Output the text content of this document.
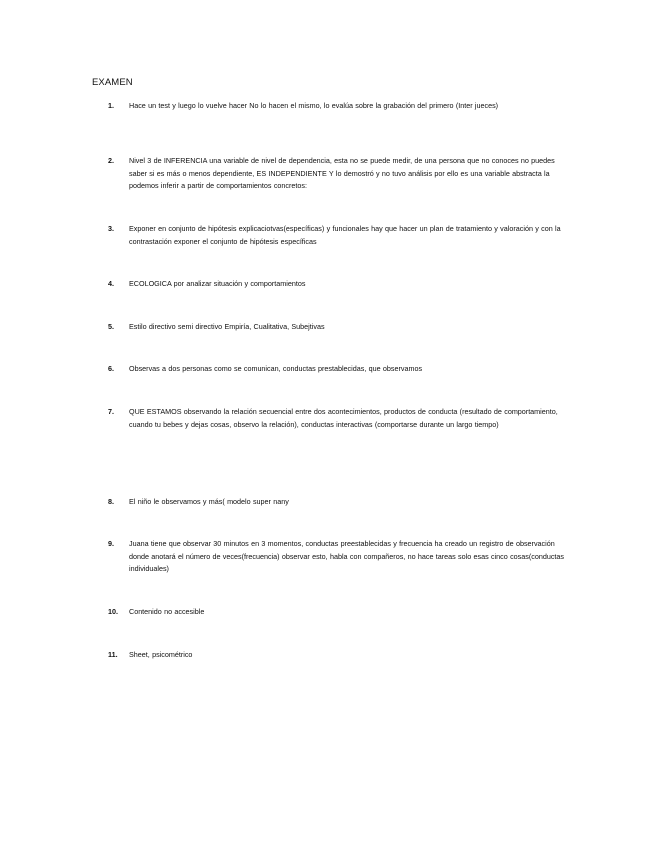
EXAMEN
1.	Hace un test y luego lo vuelve hacer No lo hacen el mismo, lo evalúa sobre la grabación del primero (Inter jueces)
2.	Nivel 3 de INFERENCIA una variable de nivel de dependencia, esta no se puede medir, de una persona que no conoces no puedes saber si es más o menos dependiente, ES INDEPENDIENTE Y lo demostró y no tuvo análisis por ello es una variable abstracta la podemos inferir a partir de comportamientos concretos:
3.	Exponer en conjunto de hipótesis explicaciotvas(específicas) y funcionales hay que hacer un plan de tratamiento y valoración y con la contrastación exponer el conjunto de hipótesis específicas
4.	ECOLOGICA por analizar situación y comportamientos
5.	Estilo directivo semi directivo Empiría, Cualitativa, Subejtivas
6.	Observas a dos personas como se comunican, conductas prestablecidas, que observamos
7.	QUE ESTAMOS observando la relación secuencial entre dos acontecimientos, productos de conducta (resultado de comportamiento, cuando tu bebes y dejas cosas, observo la relación), conductas interactivas (comportarse durante un largo tiempo)
8.	El niño le observamos y más( modelo super nany
9.	Juana tiene que observar 30 minutos en 3 momentos, conductas preestablecidas y frecuencia ha creado un registro de observación donde anotará el número de veces(frecuencia) observar esto, habla con compañeros, no hace tareas solo esas cinco cosas(conductas individuales)
10.	Contenido no accesible
11.	Sheet, psicométrico
